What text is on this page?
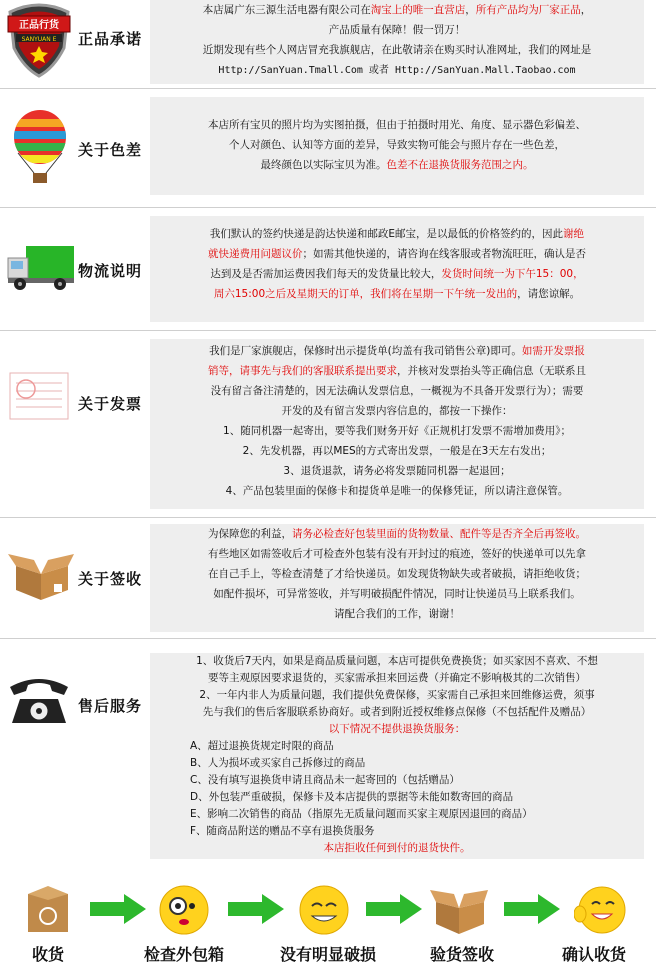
正品行货
SANYUAN E 正品承诺

本店属广东三源生活电器有限公司在淘宝上的唯一直营店，所有产品均为厂家正品，

产品质量有保障！假一罚万！

近期发现有些个人网店冒充我旗舰店，在此敬请亲在购买时认准网址，我们的网址是

Http://SanYuan.Tmall.Com 或者 Http://SanYuan.Mall.Taobao.com

关于色差

本店所有宝贝的照片均为实图拍摄，但由于拍摄时用光、角度、显示器色彩偏差、

个人对颜色、认知等方面的差异，导致实物可能会与照片存在一些色差，

最终颜色以实际宝贝为准。色差不在退换货服务范围之内。

物流说明

我们默认的签约快递是韵达快递和邮政E邮宝，是以最低的价格签约的，因此谢绝

就快递费用问题议价；如需其他快递的，请咨询在线客服或者物流旺旺，确认是否

达到及是否需加运费因我们每天的发货量比较大，发货时间统一为下午15：00，

周六15:00之后及星期天的订单，我们将在星期一下午统一发出的，请您谅解。

关于发票

我们是厂家旗舰店，保修时出示提货单(均盖有我司销售公章)即可。如需开发票报

销等，请事先与我们的客服联系提出要求，并核对发票抬头等正确信息（无联系且

没有留言备注清楚的，因无法确认发票信息，一概视为不具备开发票行为）；需要

开发的及有留言发票内容信息的，都按一下操作：

1、随同机器一起寄出，要等我们财务开好《正规机打发票不需增加费用》；

2、先发机器，再以MES的方式寄出发票，一般是在3天左右发出；

3、退货退款，请务必将发票随同机器一起退回；

4、产品包装里面的保修卡和提货单是唯一的保修凭证，所以请注意保管。

关于签收

为保障您的利益，请务必检查好包装里面的货物数量、配件等是否齐全后再签收。

有些地区如需签收后才可检查外包装有没有开封过的痕迹，签好的快递单可以先拿

在自己手上，等检查清楚了才给快递员。如发现货物缺失或者破损，请拒绝收货；

如配件损坏，可异常签收，并写明破损配件情况，同时让快递员马上联系我们。

请配合我们的工作，谢谢！

售后服务

1、收货后7天内，如果是商品质量问题，本店可提供免费换货；如买家因不喜欢、不想

要等主观原因要求退货的，买家需承担来回运费（并确定不影响极其的二次销售）

2、一年内非人为质量问题，我们提供免费保修，买家需自己承担来回维修运费，须事

先与我们的售后客服联系协商好。或者到附近授权维修点保修（不包括配件及赠品）

以下情况不提供退换货服务：

A、超过退换货规定时限的商品

B、人为损坏或买家自己拆修过的商品

C、没有填写退换货申请且商品未一起寄回的（包括赠品）

D、外包装严重破损，保修卡及本店提供的票据等未能如数寄回的商品

E、影响二次销售的商品（指原先无质量问题而买家主观原因退回的商品）

F、随商品附送的赠品不享有退换货服务

本店拒收任何到付的退货快件。

收货	检查外包箱	没有明显破损	验货签收	确认收货
